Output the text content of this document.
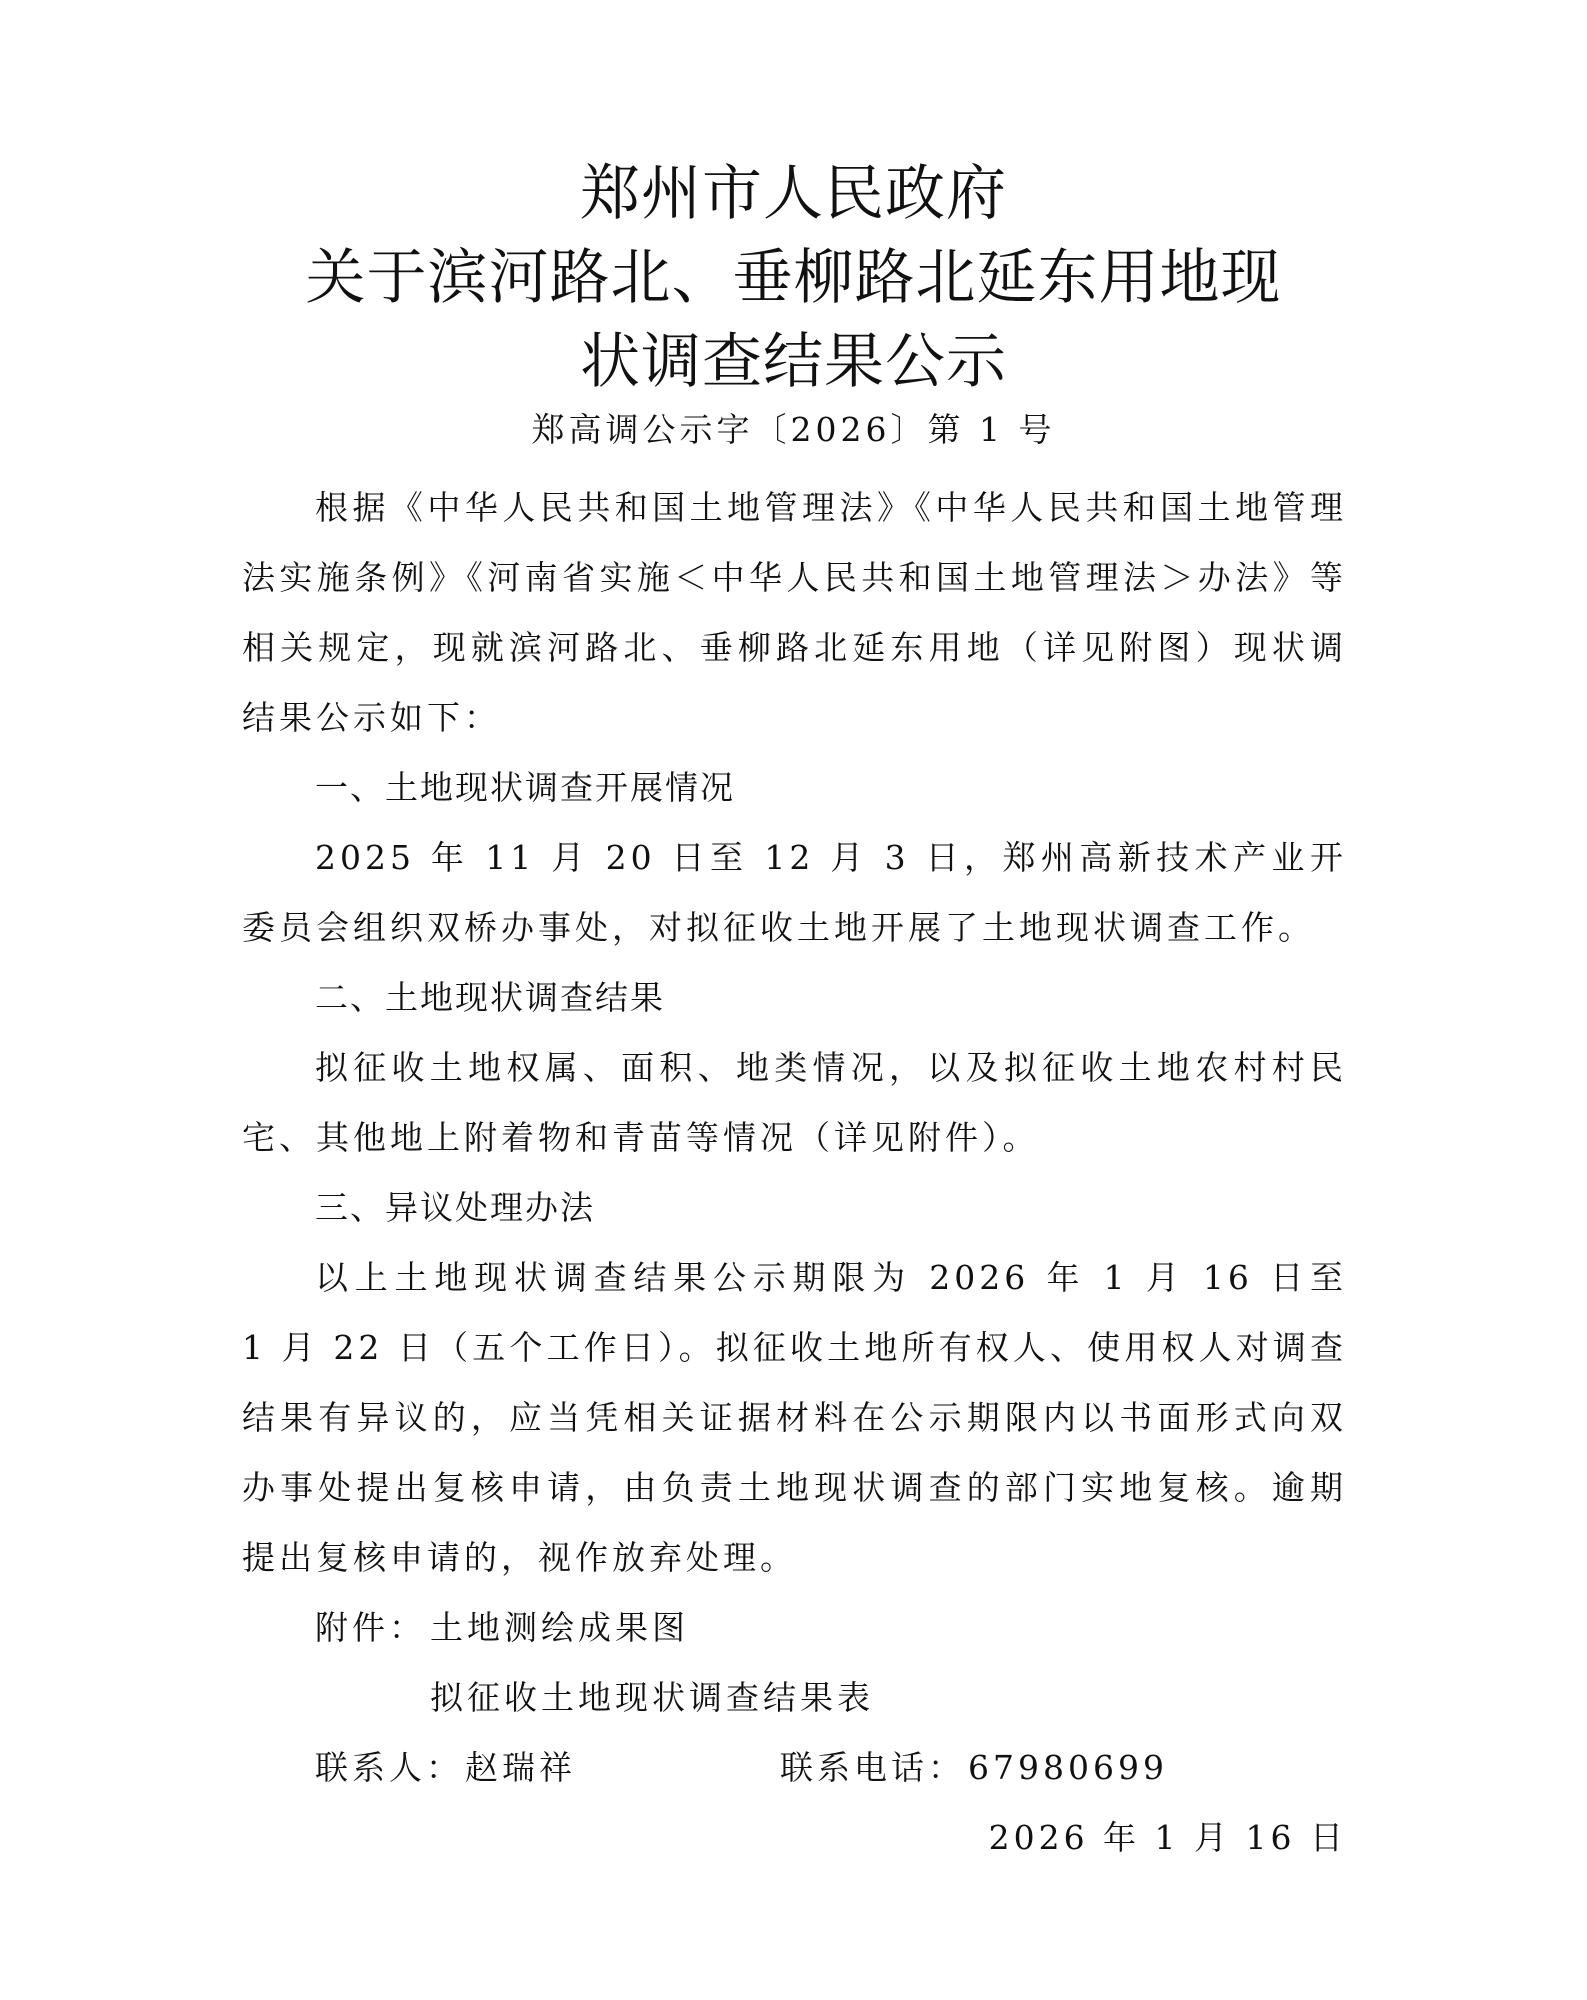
郑州市人民政府
关于滨河路北、垂柳路北延东用地现
状调查结果公示
郑高调公示字〔2026〕第 1 号
根据《中华人民共和国土地管理法》《中华人民共和国土地管理
法实施条例》《河南省实施＜中华人民共和国土地管理法＞办法》等
相关规定，现就滨河路北、垂柳路北延东用地（详见附图）现状调
结果公示如下：
一、土地现状调查开展情况
2025 年 11 月 20 日至 12 月 3 日，郑州高新技术产业开
委员会组织双桥办事处，对拟征收土地开展了土地现状调查工作。
二、土地现状调查结果
拟征收土地权属、面积、地类情况，以及拟征收土地农村村民
宅、其他地上附着物和青苗等情况（详见附件）。
三、异议处理办法
以上土地现状调查结果公示期限为 2026 年 1 月 16 日至
1 月 22 日（五个工作日）。拟征收土地所有权人、使用权人对调查
结果有异议的，应当凭相关证据材料在公示期限内以书面形式向双
办事处提出复核申请，由负责土地现状调查的部门实地复核。逾期
提出复核申请的，视作放弃处理。
附件： 土地测绘成果图
拟征收土地现状调查结果表
联系人： 赵瑞祥	联系电话： 67980699
2026 年 1 月 16 日
